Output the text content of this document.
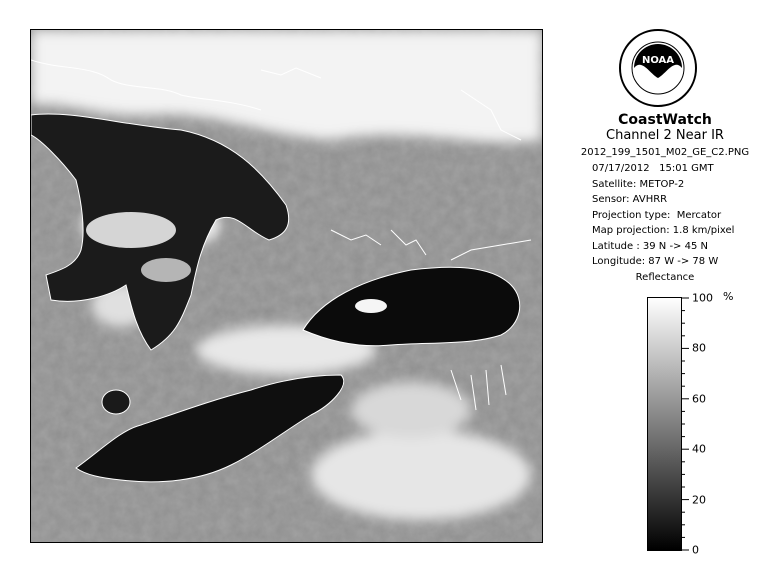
NOAA
CoastWatch
Channel 2 Near IR
2012_199_1501_M02_GE_C2.PNG
07/17/2012   15:01 GMT
Satellite: METOP-2
Sensor: AVHRR
Projection type:  Mercator
Map projection: 1.8 km/pixel
Latitude : 39 N -> 45 N
Longitude: 87 W -> 78 W
Reflectance
%
100
80
60
40
20
0
